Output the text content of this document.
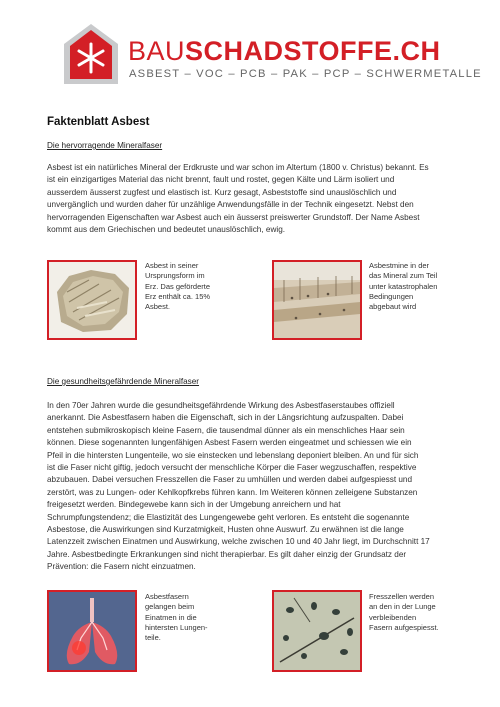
BAUSCHADSTOFFE.CH
ASBEST – VOC – PCB – PAK – PCP – SCHWERMETALLE
Faktenblatt Asbest
Die hervorragende Mineralfaser
Asbest ist ein natürliches Mineral der Erdkruste und war schon im Altertum (1800 v. Christus) bekannt. Es
ist ein einzigartiges Material das nicht brennt, fault und rostet, gegen Kälte und Lärm isoliert und
ausserdem äusserst zugfest und elastisch ist. Kurz gesagt, Asbeststoffe sind unauslöschlich und
unvergänglich und wurden daher für unzählige Anwendungsfälle in der Technik eingesetzt. Nebst den
hervorragenden Eigenschaften war Asbest auch ein äusserst preiswerter Grundstoff. Der Name Asbest
kommt aus dem Griechischen und bedeutet unauslöschlich, ewig.
Asbest in seiner
Ursprungsform im
Erz. Das geförderte
Erz enthält ca. 15%
Asbest.
Asbestmine in der
das Mineral zum Teil
unter katastrophalen
Bedingungen
abgebaut wird
Die gesundheitsgefährdende Mineralfaser
In den 70er Jahren wurde die gesundheitsgefährdende Wirkung des Asbestfaserstaubes offiziell
anerkannt. Die Asbestfasern haben die Eigenschaft, sich in der Längsrichtung aufzuspalten. Dabei
entstehen submikroskopisch kleine Fasern, die tausendmal dünner als ein menschliches Haar sein
können. Diese sogenannten lungenfähigen Asbest Fasern werden eingeatmet und schiessen wie ein
Pfeil in die hintersten Lungenteile, wo sie einstecken und lebenslang deponiert bleiben. An und für sich
ist die Faser nicht giftig, jedoch versucht der menschliche Körper die Faser wegzuschaffen, respektive
abzubauen. Dabei versuchen Fresszellen die Faser zu umhüllen und werden dabei aufgespiesst und
zerstört, was zu Lungen- oder Kehlkopfkrebs führen kann. Im Weiteren können zelleigene Substanzen
freigesetzt werden. Bindegewebe kann sich in der Umgebung anreichern und hat
Schrumpfungstendenz; die Elastizität des Lungengewebe geht verloren. Es entsteht die sogenannte
Asbestose, die Auswirkungen sind Kurzatmigkeit, Husten ohne Auswurf. Zu erwähnen ist die lange
Latenzzeit zwischen Einatmen und Auswirkung, welche zwischen 10 und 40 Jahr liegt, im Durchschnitt 17
Jahre. Asbestbedingte Erkrankungen sind nicht therapierbar. Es gilt daher einzig der Grundsatz der
Prävention: die Fasern nicht einzuatmen.
Asbestfasern
gelangen beim
Einatmen in die
hintersten Lungen-
teile.
Fresszellen werden
an den in der Lunge
verbleibenden
Fasern aufgespiesst.
